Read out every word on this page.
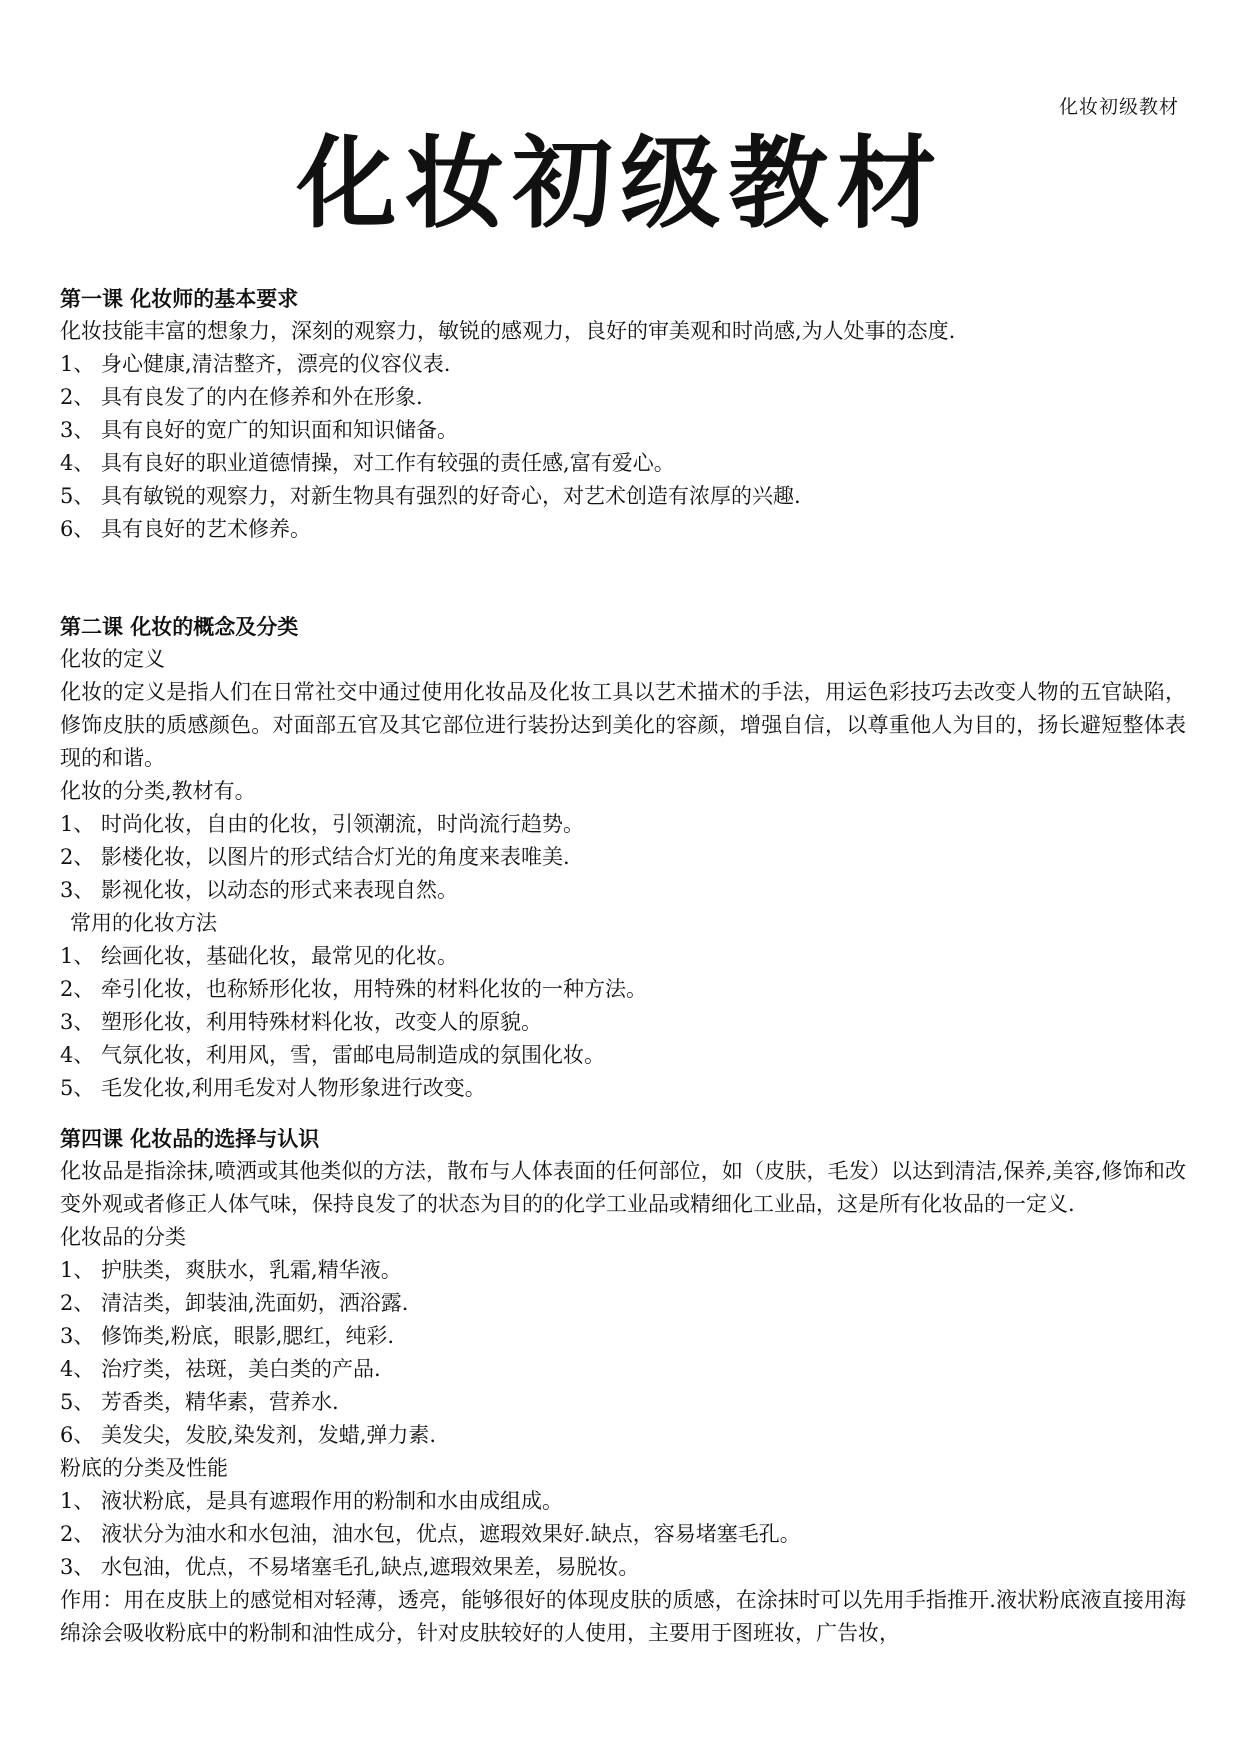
化妆初级教材
化妆初级教材
第一课 化妆师的基本要求
化妆技能丰富的想象力，深刻的观察力，敏锐的感观力，良好的审美观和时尚感,为人处事的态度.
1、 身心健康,清洁整齐，漂亮的仪容仪表.
2、 具有良发了的内在修养和外在形象.
3、 具有良好的宽广的知识面和知识储备。
4、 具有良好的职业道德情操，对工作有较强的责任感,富有爱心。
5、 具有敏锐的观察力，对新生物具有强烈的好奇心，对艺术创造有浓厚的兴趣.
6、 具有良好的艺术修养。
第二课 化妆的概念及分类
化妆的定义
化妆的定义是指人们在日常社交中通过使用化妆品及化妆工具以艺术描术的手法，用运色彩技巧去改变人物的五官缺陷，修饰皮肤的质感颜色。对面部五官及其它部位进行装扮达到美化的容颜，增强自信，以尊重他人为目的，扬长避短整体表现的和谐。
化妆的分类,教材有。
1、 时尚化妆，自由的化妆，引领潮流，时尚流行趋势。
2、 影楼化妆，以图片的形式结合灯光的角度来表唯美.
3、 影视化妆，以动态的形式来表现自然。
常用的化妆方法
1、 绘画化妆，基础化妆，最常见的化妆。
2、 牵引化妆，也称矫形化妆，用特殊的材料化妆的一种方法。
3、 塑形化妆，利用特殊材料化妆，改变人的原貌。
4、 气氛化妆，利用风，雪，雷邮电局制造成的氛围化妆。
5、 毛发化妆,利用毛发对人物形象进行改变。
第四课 化妆品的选择与认识
化妆品是指涂抹,喷洒或其他类似的方法，散布与人体表面的任何部位，如（皮肤，毛发）以达到清洁,保养,美容,修饰和改变外观或者修正人体气味，保持良发了的状态为目的的化学工业品或精细化工业品，这是所有化妆品的一定义.
化妆品的分类
1、 护肤类，爽肤水，乳霜,精华液。
2、 清洁类，卸装油,洗面奶，洒浴露.
3、 修饰类,粉底，眼影,腮红，纯彩.
4、 治疗类，祛斑，美白类的产品.
5、 芳香类，精华素，营养水.
6、 美发尖，发胶,染发剂，发蜡,弹力素.
粉底的分类及性能
1、 液状粉底，是具有遮瑕作用的粉制和水由成组成。
2、 液状分为油水和水包油，油水包，优点，遮瑕效果好.缺点，容易堵塞毛孔。
3、 水包油，优点，不易堵塞毛孔,缺点,遮瑕效果差，易脱妆。
作用：用在皮肤上的感觉相对轻薄，透亮，能够很好的体现皮肤的质感，在涂抹时可以先用手指推开.液状粉底液直接用海绵涂会吸收粉底中的粉制和油性成分，针对皮肤较好的人使用，主要用于图班妆，广告妆，
